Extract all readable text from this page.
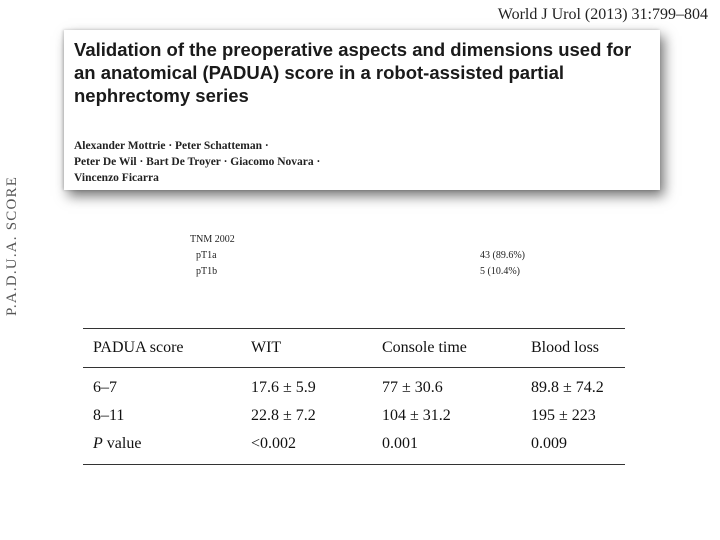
P.A.D.U.A. SCORE
World J Urol (2013) 31:799–804
Validation of the preoperative aspects and dimensions used for an anatomical (PADUA) score in a robot-assisted partial nephrectomy series
Alexander Mottrie · Peter Schatteman ·
Peter De Wil · Bart De Troyer · Giacomo Novara ·
Vincenzo Ficarra
TNM 2002
pT1a	43 (89.6%)
pT1b	5 (10.4%)
PADUA score	WIT	Console time	Blood loss
6–7	17.6 ± 5.9	77 ± 30.6	89.8 ± 74.2
8–11	22.8 ± 7.2	104 ± 31.2	195 ± 223
P value	<0.002	0.001	0.009
